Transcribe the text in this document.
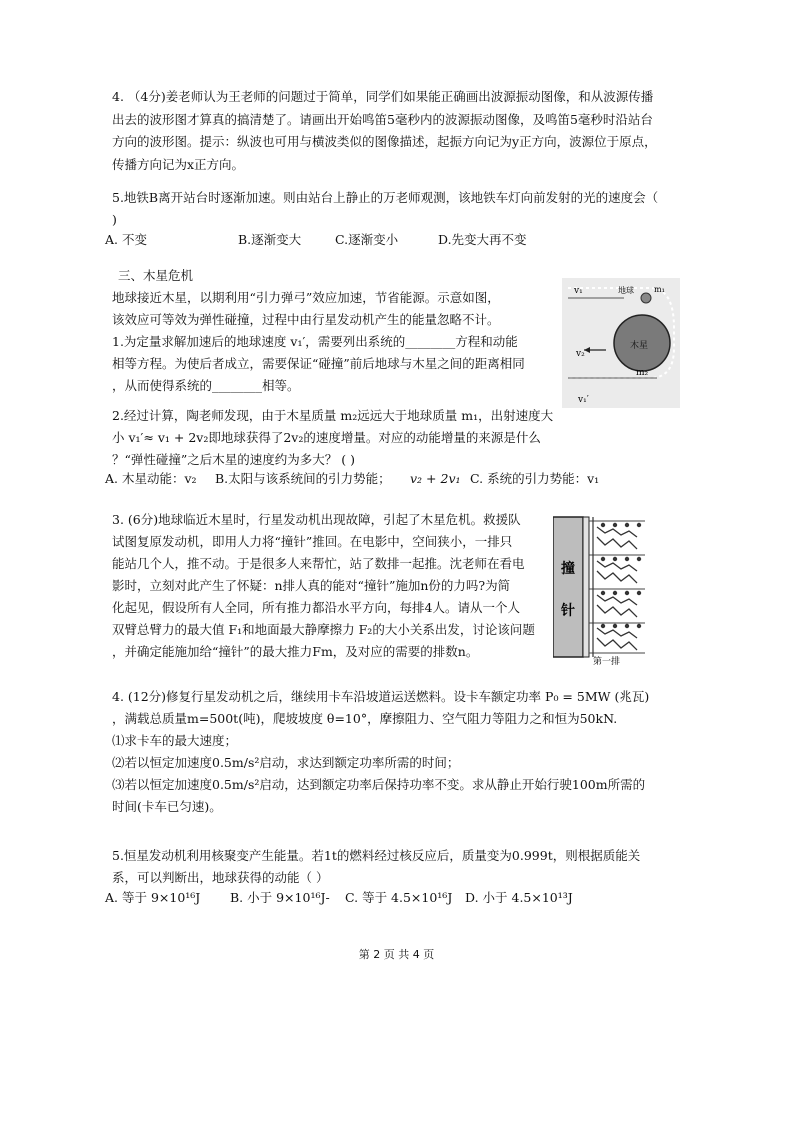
4. （4分)姜老师认为王老师的问题过于简单，同学们如果能正确画出波源振动图像，和从波源传播
出去的波形图才算真的搞清楚了。请画出开始鸣笛5毫秒内的波源振动图像，及鸣笛5毫秒时沿站台
方向的波形图。提示：纵波也可用与横波类似的图像描述，起振方向记为y正方向，波源位于原点，
传播方向记为x正方向。
5.地铁B离开站台时逐渐加速。则由站台上静止的万老师观测，该地铁车灯向前发射的光的速度会（
)
A. 不变	B.逐渐变大	C.逐渐变小	D.先变大再不变
三、木星危机
地球接近木星，以期利用“引力弹弓”效应加速，节省能源。示意如图，
该效应可等效为弹性碰撞，过程中由行星发动机产生的能量忽略不计。
1.为定量求解加速后的地球速度 v₁′，需要列出系统的________方程和动能
相等方程。为使后者成立，需要保证“碰撞”前后地球与木星之间的距离相同
，从而使得系统的________相等。
v₁	地球	m₁
木星
v₂
m₂
v₁′
2.经过计算，陶老师发现，由于木星质量 m₂远远大于地球质量 m₁，出射速度大
小 v₁′≈ v₁ + 2v₂即地球获得了2v₂的速度增量。对应的动能增量的来源是什么
？“弹性碰撞”之后木星的速度约为多大？ ( )
A. 木星动能：v₂ B.太阳与该系统间的引力势能； v₂ + 2v₁ C. 系统的引力势能：v₁
3. (6分)地球临近木星时，行星发动机出现故障，引起了木星危机。救援队
试图复原发动机，即用人力将“撞针”推回。在电影中，空间狭小，一排只
能站几个人，推不动。于是很多人来帮忙，站了数排一起推。沈老师在看电
影时，立刻对此产生了怀疑：n排人真的能对“撞针”施加n份的力吗?为简
化起见，假设所有人全同，所有推力都沿水平方向，每排4人。请从一个人
双臂总臂力的最大值 F₁和地面最大静摩擦力 F₂的大小关系出发，讨论该问题
，并确定能施加给“撞针”的最大推力Fm，及对应的需要的排数n。
撞
针
第一排
4. (12分)修复行星发动机之后，继续用卡车沿坡道运送燃料。设卡车额定功率 P₀ = 5MW (兆瓦)
，满载总质量m=500t(吨)，爬坡坡度 θ=10°，摩擦阻力、空气阻力等阻力之和恒为50kN.
⑴求卡车的最大速度；
⑵若以恒定加速度0.5m/s²启动，求达到额定功率所需的时间；
⑶若以恒定加速度0.5m/s²启动，达到额定功率后保持功率不变。求从静止开始行驶100m所需的
时间(卡车已匀速)。
5.恒星发动机利用核聚变产生能量。若1t的燃料经过核反应后，质量变为0.999t，则根据质能关
系，可以判断出，地球获得的动能（ ）
A. 等于 9×10¹⁶J B. 小于 9×10¹⁶J- C. 等于 4.5×10¹⁶J D. 小于 4.5×10¹³J
第 2 页 共 4 页
